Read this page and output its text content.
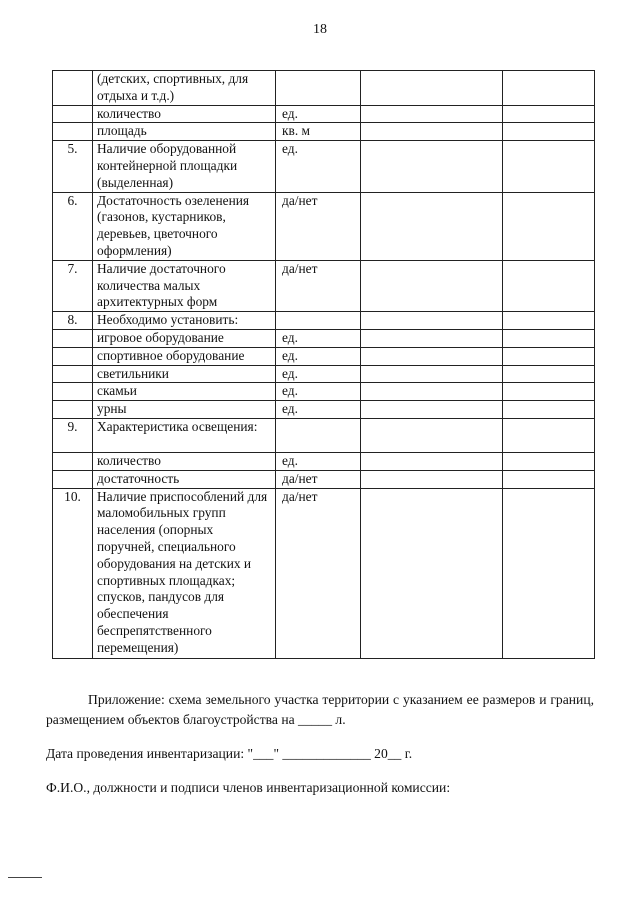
18
	(детских, спортивных, для отдыха и т.д.)			
	количество	ед.		
	площадь	кв. м		
5.	Наличие оборудованной контейнерной площадки (выделенная)	ед.		
6.	Достаточность озеленения (газонов, кустарников, деревьев, цветочного оформления)	да/нет		
7.	Наличие достаточного количества малых архитектурных форм	да/нет		
8.	Необходимо установить:			
	игровое оборудование	ед.		
	спортивное оборудование	ед.		
	светильники	ед.		
	скамьи	ед.		
	урны	ед.		
9.	Характеристика освещения:			
	количество	ед.		
	достаточность	да/нет		
10.	Наличие приспособлений для маломобильных групп населения (опорных поручней, специального оборудования на детских и спортивных площадках; спусков, пандусов для обеспечения беспрепятственного перемещения)	да/нет		
Приложение: схема земельного участка территории с указанием ее размеров и границ, размещением объектов благоустройства на _____ л.
Дата проведения инвентаризации: "___" _____________ 20__ г.
Ф.И.О., должности и подписи членов инвентаризационной комиссии:
